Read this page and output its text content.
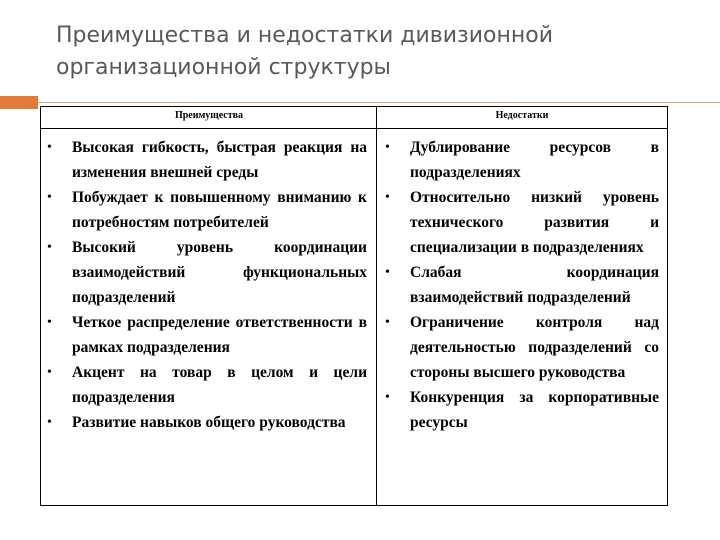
Преимущества и недостатки дивизионной
организационной структуры
Преимущества	Недостатки
• Высокая гибкость, быстрая реакция на изменения внешней среды
• Побуждает к повышенному вниманию к потребностям потребителей
• Высокий уровень координации взаимодействий функциональных подразделений
• Четкое распределение ответственности в рамках подразделения
• Акцент на товар в целом и цели подразделения
• Развитие навыков общего руководства
• Дублирование ресурсов в подразделениях
• Относительно низкий уровень технического развития и специализации в подразделениях
• Слабая координация взаимодействий подразделений
• Ограничение контроля над деятельностью подразделений со стороны высшего руководства
• Конкуренция за корпоративные ресурсы
